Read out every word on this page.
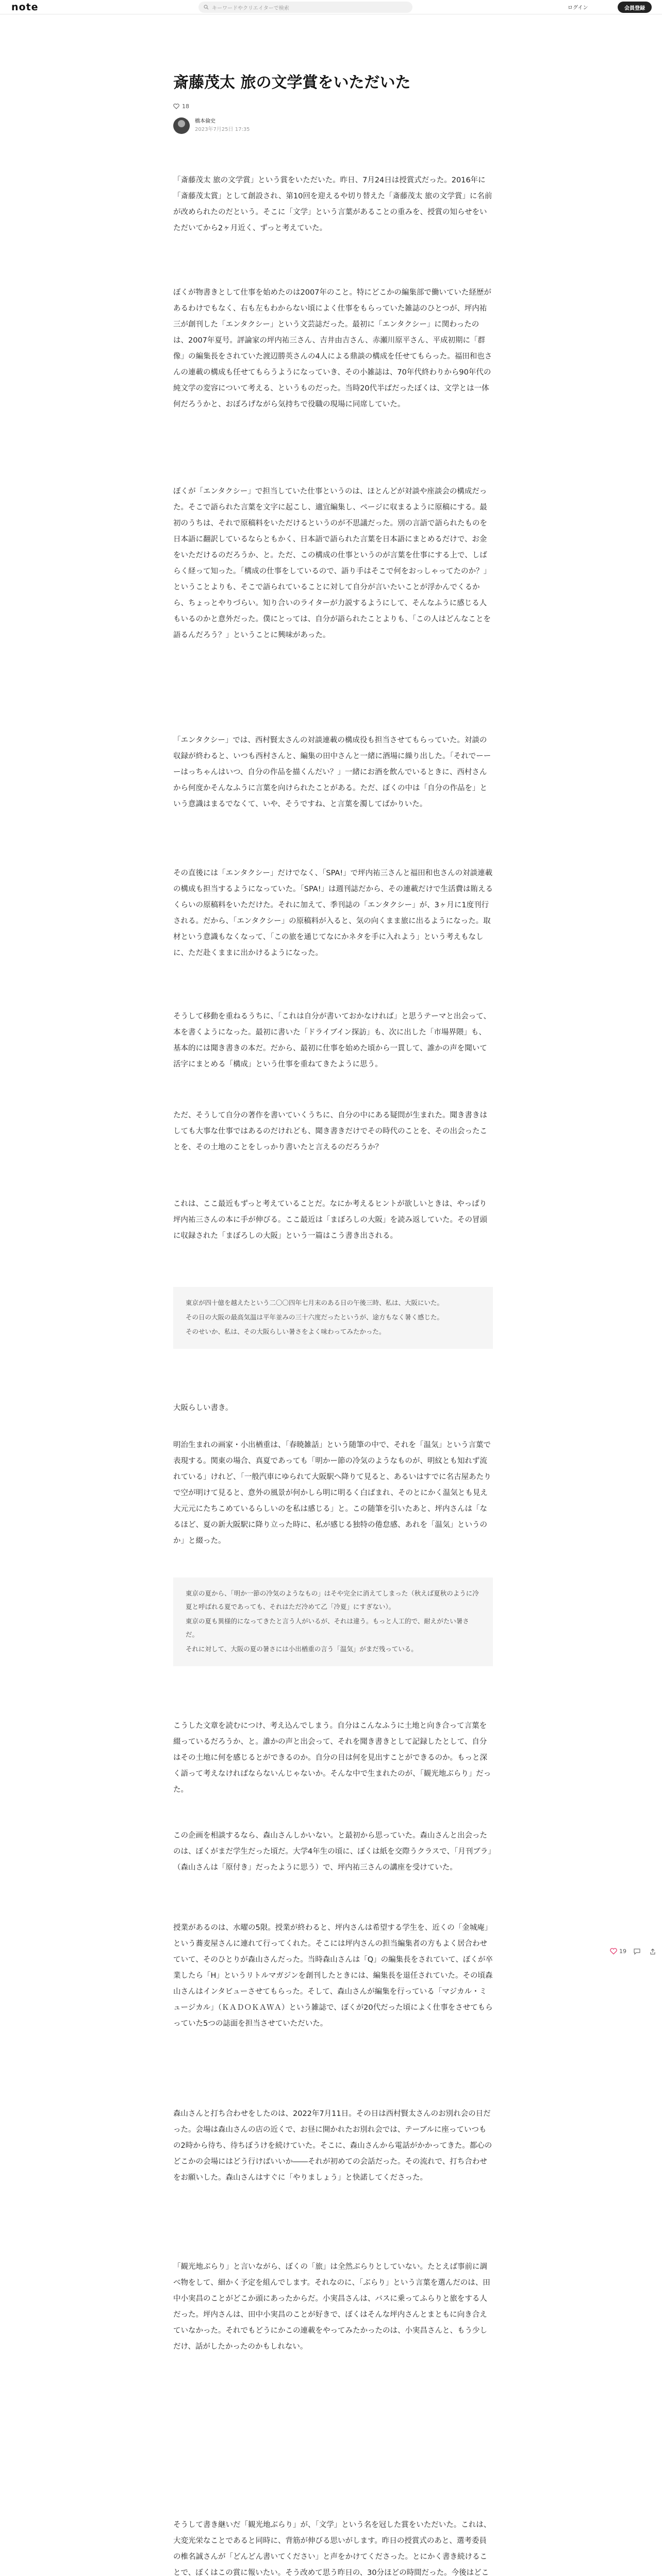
note	キーワードやクリエイターで検索	ログイン	会員登録
斎藤茂太 旅の文学賞をいただいた
18
橋本倫史
2023年7月25日 17:35

「斎藤茂太 旅の文学賞」という賞をいただいた。昨日、7月24日は授賞式だった。2016年に「斎藤茂太賞」として創設され、第10回を迎えるや切り替えた「斎藤茂太 旅の文学賞」に名前が改められたのだという。そこに「文学」という言葉があることの重みを、授賞の知らせをいただいてから2ヶ月近く、ずっと考えていた。

ぼくが物書きとして仕事を始めたのは2007年のこと。特にどこかの編集部で働いていた経歴があるわけでもなく、右も左もわからない頃によく仕事をもらっていた雑誌のひとつが、坪内祐三が創刊した「エンタクシー」という文芸誌だった。最初に「エンタクシー」に関わったのは、2007年夏号。評論家の坪内祐三さん、吉井由吉さん、赤瀬川原平さん、平成初期に「群像」の編集長をされていた渡辺勝英さんの4人による鼎談の構成を任せてもらった。福田和也さんの連載の構成も任せてもらうようになっていき、その小雑誌は、70年代終わりから90年代の純文学の変容について考える、というものだった。当時20代半ばだったぼくは、文学とは一体何だろうかと、おぼろげながら気持ちで役職の現場に同席していた。

ぼくが「エンタクシー」で担当していた仕事というのは、ほとんどが対談や座談会の構成だった。そこで語られた言葉を文字に起こし、適宜編集し、ページに収まるように原稿にする。最初のうちは、それで原稿料をいただけるというのが不思議だった。別の言語で語られたものを日本語に翻訳しているならともかく、日本語で語られた言葉を日本語にまとめるだけで、お金をいただけるのだろうか、と。ただ、この構成の仕事というのが言葉を仕事にする上で、しばらく経って知った。「構成の仕事をしているので、語り手はそこで何をおっしゃってたのか？」ということよりも、そこで語られていることに対して自分が言いたいことが浮かんでくるから、ちょっとやりづらい。知り合いのライターが力説するようにして、そんなふうに感じる人もいるのかと意外だった。僕にとっては、自分が語られたことよりも、「この人はどんなことを語るんだろう？」ということに興味があった。

「エンタクシー」では、西村賢太さんの対談連載の構成役も担当させてもらっていた。対談の収録が終わると、いつも西村さんと、編集の田中さんと一緒に酒場に繰り出した。「それでーーーはっちゃんはいつ、自分の作品を描くんだい？」一緒にお酒を飲んでいるときに、西村さんから何度かそんなふうに言葉を向けられたことがある。ただ、ぼくの中は「自分の作品を」という意識はまるでなくて、いや、そうですね、と言葉を濁してばかりいた。

その直後には「エンタクシー」だけでなく、「SPA!」で坪内祐三さんと福田和也さんの対談連載の構成も担当するようになっていた。「SPA!」は週刊誌だから、その連載だけで生活費は賄えるくらいの原稿料をいただけた。それに加えて、季刊誌の「エンタクシー」が、3ヶ月に1度刊行される。だから、「エンタクシー」の原稿料が入ると、気の向くまま旅に出るようになった。取材という意識もなくなって、「この旅を通じてなにかネタを手に入れよう」という考えもなしに、ただ赴くままに出かけるようになった。

そうして移動を重ねるうちに、「これは自分が書いておかなければ」と思うテーマと出会って、本を書くようになった。最初に書いた「ドライブイン探訪」も、次に出した「市場界隈」も、基本的には聞き書きの本だ。だから、最初に仕事を始めた頃から一貫して、誰かの声を聞いて活字にまとめる「構成」という仕事を重ねてきたように思う。

ただ、そうして自分の著作を書いていくうちに、自分の中にある疑問が生まれた。聞き書きはしても大事な仕事ではあるのだけれども、聞き書きだけでその時代のことを、その出会ったことを、その土地のことをしっかり書いたと言えるのだろうか？

これは、ここ最近もずっと考えていることだ。なにか考えるヒントが欲しいときは、やっぱり坪内祐三さんの本に手が伸びる。ここ最近は「まぼろしの大阪」を読み返していた。その冒頭に収録された「まぼろしの大阪」という一篇はこう書き出される。

東京が四十億を越えたという二〇〇四年七月末のある日の午後三時、私は、大阪にいた。

その日の大阪の最高気温は平年並みの三十六度だったというが、途方もなく暑く感じた。

そのせいか、私は、その大阪らしい暑さをよく味わってみたかった。

大阪らしい書き。

明治生まれの画家・小出楢重は、「春暁雑話」という随筆の中で、それを「温気」という言葉で表現する。関東の場合、真夏であっても「明かー節の冷気のようなものが、明紋とも知れず流れている」けれど、「一般汽車にゆられて大阪駅へ降りて見ると、あるいはすでに名古屋あたりで空が明けて見ると、意外の風景が何かしら明に明るく白ばまれ、そのとにかく温気とも見え大元元にたちこめているらしいのを私は感じる」と。この随筆を引いたあと、坪内さんは「なるほど、夏の新大阪駅に降り立った時に、私が感じる独特の倦怠感、あれを「温気」というのか」と綴った。

東京の夏から、「明か一節の冷気のようなもの」はそや完全に消えてしまった（秋えば夏秋のように冷夏と呼ばれる夏であっても、それはただ冷めて乙「冷夏」にすぎない）。

東京の夏も異様的になってきたと言う人がいるが、それは違う。もっと人工的で、耐えがたい暑さだ。

それに対して、大阪の夏の暑さには小出楢重の言う「温気」がまだ残っている。

こうした文章を読むにつけ、考え込んでしまう。自分はこんなふうに土地と向き合って言葉を綴っているだろうか、と。誰かの声と出会って、それを聞き書きとして記録したとして、自分はその土地に何を感じるとができるのか。自分の目は何を見出すことができるのか。もっと深く語って考えなければならないんじゃないか。そんな中で生まれたのが、「観光地ぶらり」だった。

この企画を相談するなら、森山さんしかいない。と最初から思っていた。森山さんと出会ったのは、ぼくがまだ学生だった頃だ。大学4年生の頃に、ぼくは紙を交際うクラスで、「月刊ブラ」（森山さんは「原付き」だったように思う）で、坪内祐三さんの講座を受けていた。

授業があるのは、水曜の5限。授業が終わると、坪内さんは希望する学生を、近くの「金城庵」という蕎麦屋さんに連れて行ってくれた。そこには坪内さんの担当編集者の方もよく居合わせていて、そのひとりが森山さんだった。当時森山さんは「Q」の編集長をされていて、ぼくが卒業したら「H」というリトルマガジンを創刊したときには、編集長を退任されていた。その頃森山さんはインタビューさせてもらった。そして、森山さんが編集を行っている「マジカル・ミュージカル」（ＫＡＤＯＫＡＷＡ）という雑誌で、ぼくが20代だった頃によく仕事をさせてもらっていた5つの誌面を担当させていただいた。

森山さんと打ち合わせをしたのは、2022年7月11日。その日は西村賢太さんのお別れ会の日だった。会場は森山さんの店の近くで、お昼に開かれたお別れ会では、テーブルに座っていつもの2時から待ち、待ちぼうけを続けていた。そこに、森山さんから電話がかかってきた。都心のどこかの会場にはどう行けばいいか――それが初めての会話だった。その流れで、打ち合わせをお願いした。森山さんはすぐに「やりましょう」と快諾してくださった。

「観光地ぶらり」と言いながら、ぼくの「旅」は全然ぶらりとしていない。たとえば事前に調べ物をして、細かく予定を組んでします。それなのに、「ぶらり」という言葉を選んだのは、田中小実昌のことがどこか頭にあったからだ。小実昌さんは、バスに乗ってふらりと旅をする人だった。坪内さんは、田中小実昌のことが好きで、ぼくはそんな坪内さんとまともに向き合えていなかった。それでもどうにかこの連載をやってみたかったのは、小実昌さんと、もう少しだけ、話がしたかったのかもしれない。

そうして書き継いだ「観光地ぶらり」が、「文学」という名を冠した賞をいただいた。これは、大変光栄なことであると同時に、背筋が伸びる思いがします。昨日の授賞式のあと、選考委員の椎名誠さんが「どんどん書いてください」と声をかけてくださった。とにかく書き続けることで、ぼくはこの賞に報いたい。そう改めて思う昨日の、30分ほどの時間だった。今後はどこ

19
